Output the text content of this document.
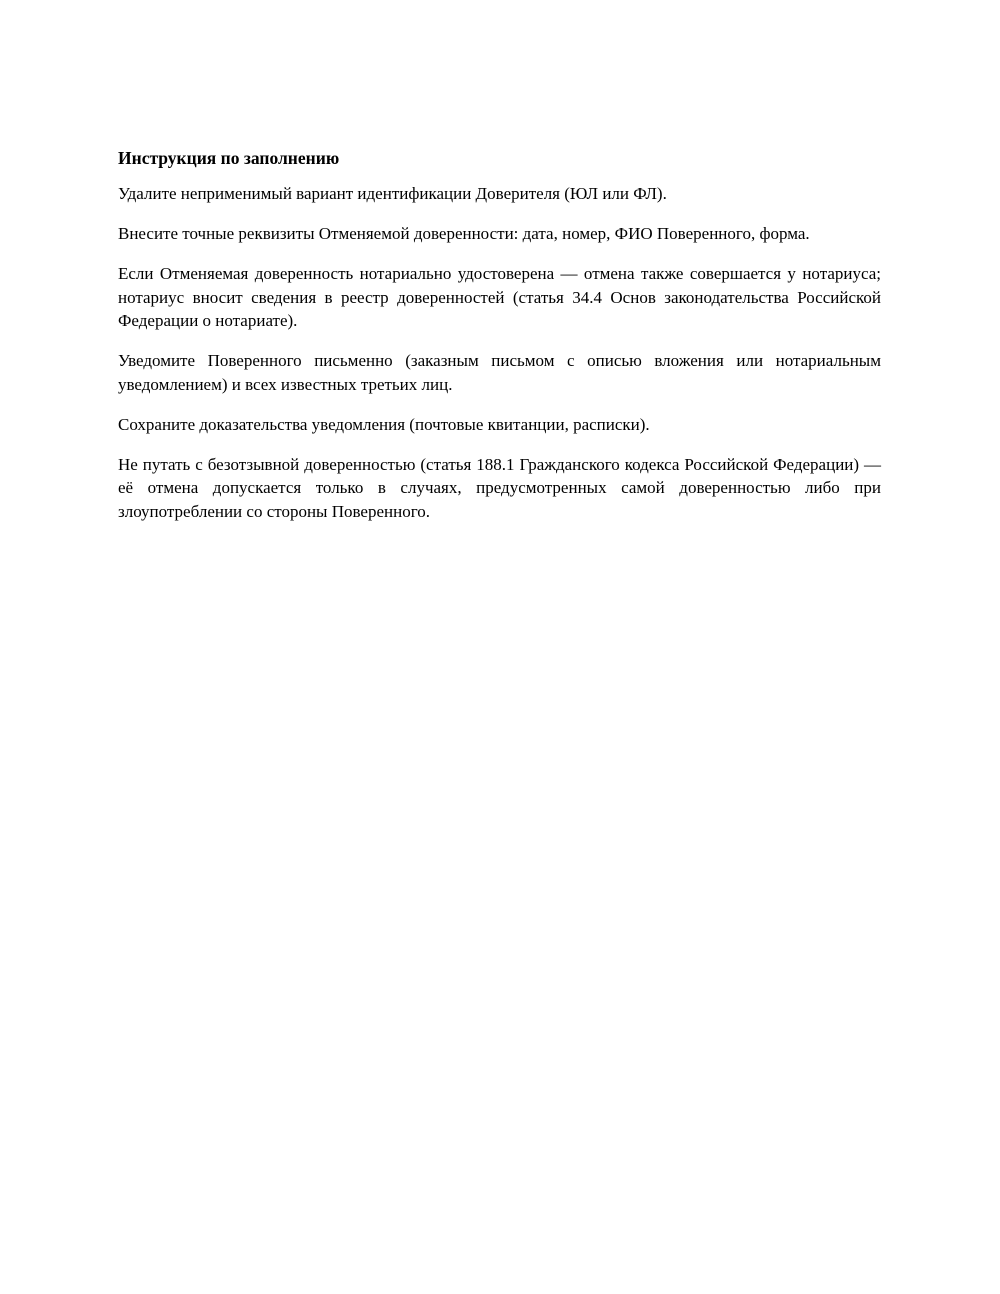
Инструкция по заполнению

Удалите неприменимый вариант идентификации Доверителя (ЮЛ или ФЛ).

Внесите точные реквизиты Отменяемой доверенности: дата, номер, ФИО Поверенного, форма.

Если Отменяемая доверенность нотариально удостоверена — отмена также совершается у нотариуса; нотариус вносит сведения в реестр доверенностей (статья 34.4 Основ законодательства Российской Федерации о нотариате).

Уведомите Поверенного письменно (заказным письмом с описью вложения или нотариальным уведомлением) и всех известных третьих лиц.

Сохраните доказательства уведомления (почтовые квитанции, расписки).

Не путать с безотзывной доверенностью (статья 188.1 Гражданского кодекса Российской Федерации) — её отмена допускается только в случаях, предусмотренных самой доверенностью либо при злоупотреблении со стороны Поверенного.
